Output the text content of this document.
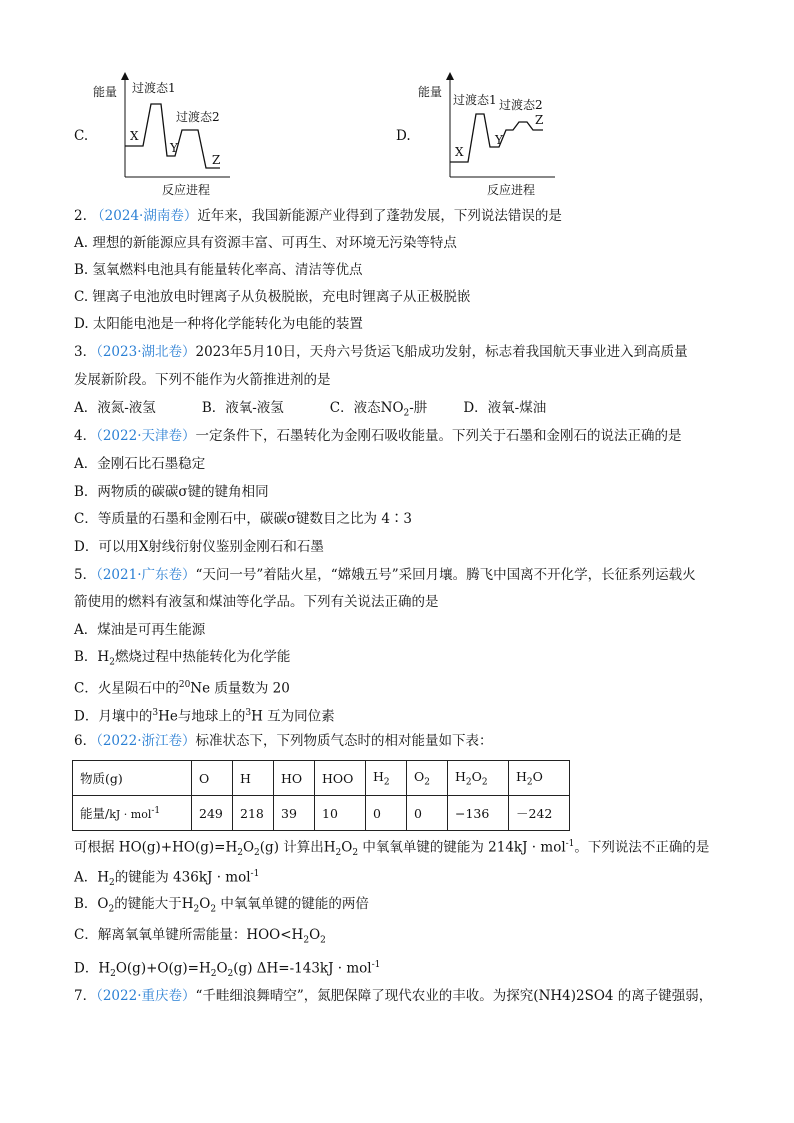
C.
能量 过渡态1
过渡态2
X
Y
Z
反应进程
D.
能量
过渡态1 过渡态2
X
Y
Z
反应进程
2. （2024·湖南卷）近年来，我国新能源产业得到了蓬勃发展，下列说法错误的是
A. 理想的新能源应具有资源丰富、可再生、对环境无污染等特点
B. 氢氧燃料电池具有能量转化率高、清洁等优点
C. 锂离子电池放电时锂离子从负极脱嵌，充电时锂离子从正极脱嵌
D. 太阳能电池是一种将化学能转化为电能的装置
3．（2023·湖北卷）2023年5月10日，天舟六号货运飞船成功发射，标志着我国航天事业进入到高质量
发展新阶段。下列不能作为火箭推进剂的是
A．液氮-液氢	B．液氧-液氢	C．液态$NO_2-$肼	D．液氧-煤油
4．（2022·天津卷）一定条件下，石墨转化为金刚石吸收能量。下列关于石墨和金刚石的说法正确的是
A．金刚石比石墨稳定
B．两物质的碳碳σ键的键角相同
C．等质量的石墨和金刚石中，碳碳σ键数目之比为 4∶3
D．可以用X射线衍射仪鉴别金刚石和石墨
5．（2021·广东卷）“天问一号”着陆火星，“嫦娥五号”采回月壤。腾飞中国离不开化学，长征系列运载火
箭使用的燃料有液氢和煤油等化学品。下列有关说法正确的是
A．煤油是可再生能源
B．$H_2$燃烧过程中热能转化为化学能
C．火星陨石中的$^{20}$Ne 质量数为 20
D．月壤中的$^3$He与地球上的$^3$H 互为同位素
6．（2022·浙江卷）标准状态下，下列物质气态时的相对能量如下表：
物质(g)	O	H	HO	HOO	$H_2$	$O_2$	$H_2O_2$	$H_2O$
能量/kJ · mol$^{-1}$	249	218	39	10	0	0	−136	－242
可根据 $HO(g)+HO(g)=H_2O_2(g)$ 计算出$H_2O_2$ 中氧氧单键的键能为 214kJ · mol$^{-1}$。下列说法不正确的是
A．$H_2$的键能为 436kJ · mol$^{-1}$
B．$O_2$的键能大于$H_2O_2$ 中氧氧单键的键能的两倍
C．解离氧氧单键所需能量：$HOO<H_2O_2$
D．$H_2O(g)+O(g)=H_2O_2(g) \Delta H=-143kJ \cdot mol^{-1}$
7．（2022·重庆卷）“千畦细浪舞晴空”，氮肥保障了现代农业的丰收。为探究(NH4)2SO4 的离子键强弱，
